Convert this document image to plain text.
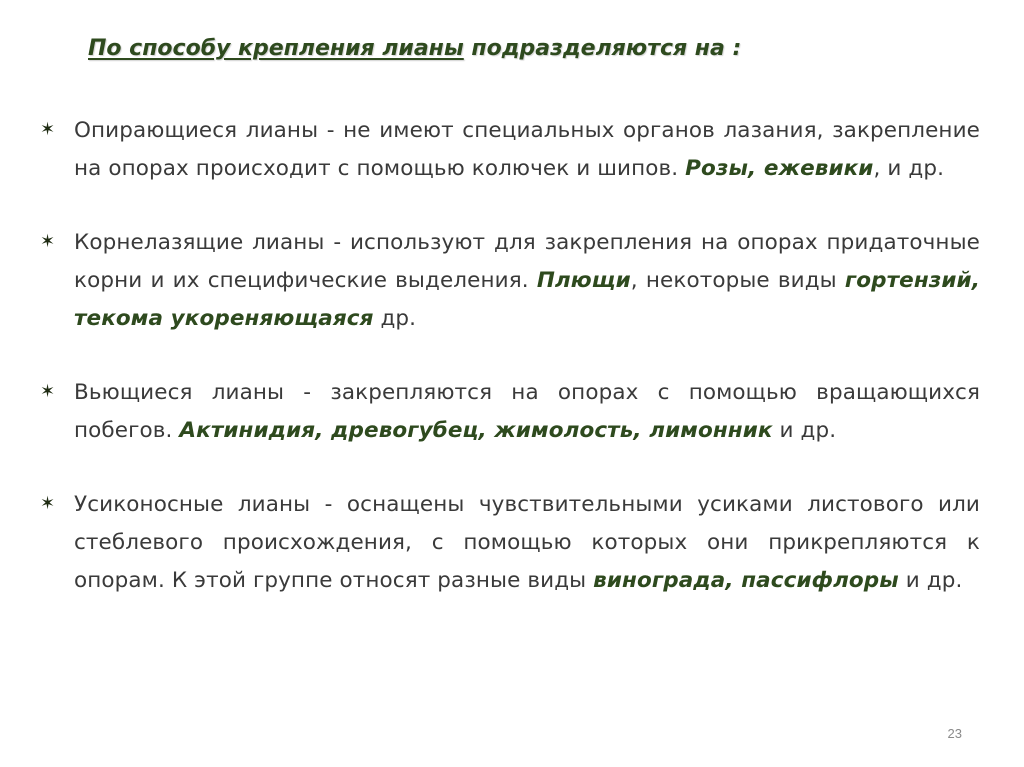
По способу крепления лианы подразделяются на :
✶ Опирающиеся лианы - не имеют специальных органов лазания, закрепление на опорах происходит с помощью колючек и шипов. Розы, ежевики, и др.
✶ Корнелазящие лианы - используют для закрепления на опорах придаточные корни и их специфические выделения. Плющи, некоторые виды гортензий, текома укореняющаяся др.
✶ Вьющиеся лианы - закрепляются на опорах с помощью вращающихся побегов. Актинидия, древогубец, жимолость, лимонник и др.
✶ Усиконосные лианы - оснащены чувствительными усиками листового или стеблевого происхождения, с помощью которых они прикрепляются к опорам. К этой группе относят разные виды винограда, пассифлоры и др.
23
